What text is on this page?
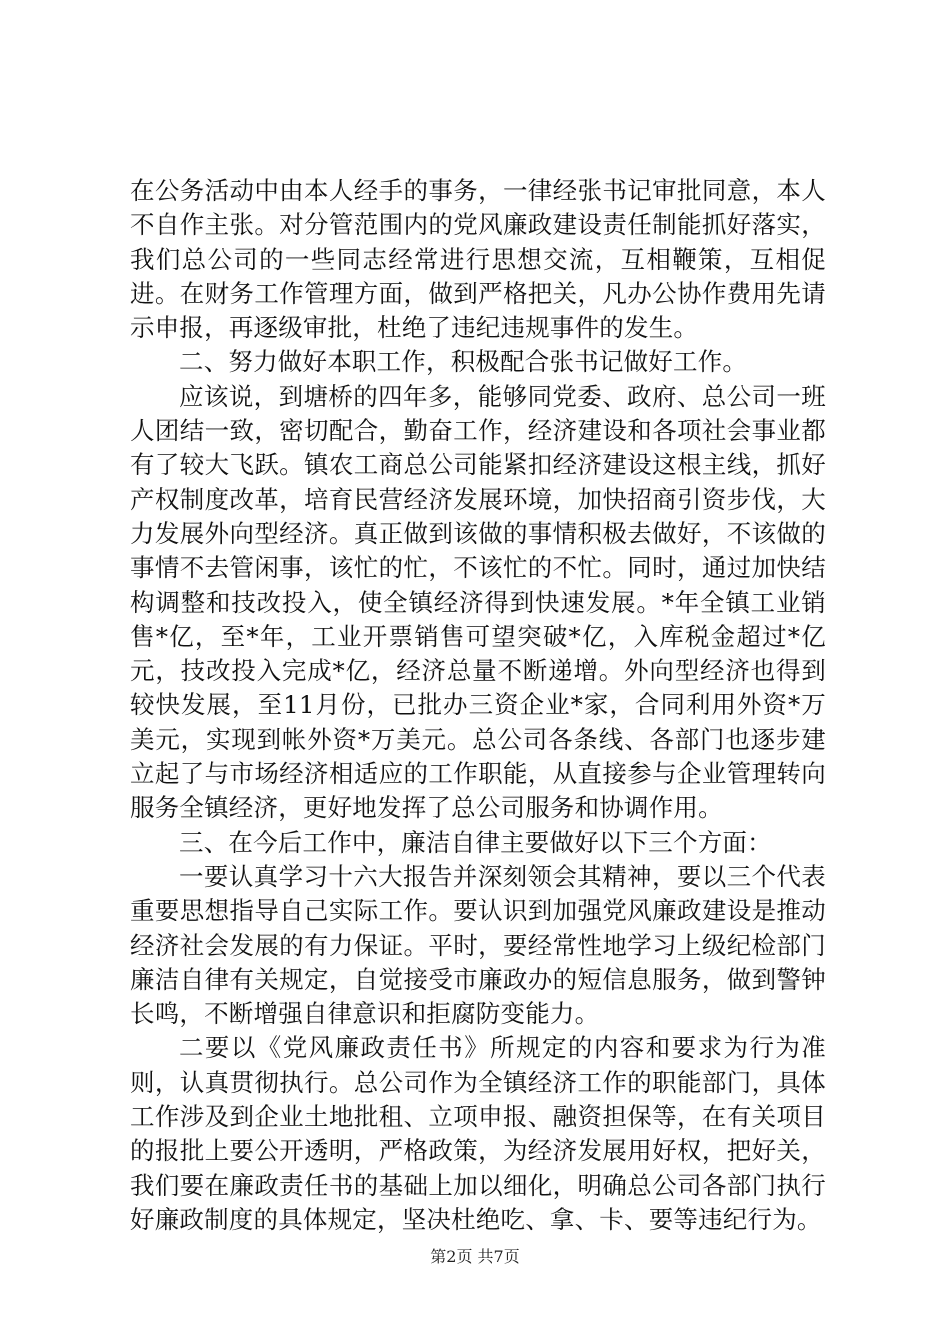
在公务活动中由本人经手的事务，一律经张书记审批同意，本人不自作主张。对分管范围内的党风廉政建设责任制能抓好落实，我们总公司的一些同志经常进行思想交流，互相鞭策，互相促进。在财务工作管理方面，做到严格把关，凡办公协作费用先请示申报，再逐级审批，杜绝了违纪违规事件的发生。

二、努力做好本职工作，积极配合张书记做好工作。

应该说，到塘桥的四年多，能够同党委、政府、总公司一班人团结一致，密切配合，勤奋工作，经济建设和各项社会事业都有了较大飞跃。镇农工商总公司能紧扣经济建设这根主线，抓好产权制度改革，培育民营经济发展环境，加快招商引资步伐，大力发展外向型经济。真正做到该做的事情积极去做好，不该做的事情不去管闲事，该忙的忙，不该忙的不忙。同时，通过加快结构调整和技改投入，使全镇经济得到快速发展。*年全镇工业销售*亿，至*年，工业开票销售可望突破*亿，入库税金超过*亿元，技改投入完成*亿，经济总量不断递增。外向型经济也得到较快发展，至11月份，已批办三资企业*家，合同利用外资*万美元，实现到帐外资*万美元。总公司各条线、各部门也逐步建立起了与市场经济相适应的工作职能，从直接参与企业管理转向服务全镇经济，更好地发挥了总公司服务和协调作用。

三、在今后工作中，廉洁自律主要做好以下三个方面：

一要认真学习十六大报告并深刻领会其精神，要以三个代表重要思想指导自己实际工作。要认识到加强党风廉政建设是推动经济社会发展的有力保证。平时，要经常性地学习上级纪检部门廉洁自律有关规定，自觉接受市廉政办的短信息服务，做到警钟长鸣，不断增强自律意识和拒腐防变能力。

二要以《党风廉政责任书》所规定的内容和要求为行为准则，认真贯彻执行。总公司作为全镇经济工作的职能部门，具体工作涉及到企业土地批租、立项申报、融资担保等，在有关项目的报批上要公开透明，严格政策，为经济发展用好权，把好关，我们要在廉政责任书的基础上加以细化，明确总公司各部门执行好廉政制度的具体规定，坚决杜绝吃、拿、卡、要等违纪行为。

第2页 共7页
